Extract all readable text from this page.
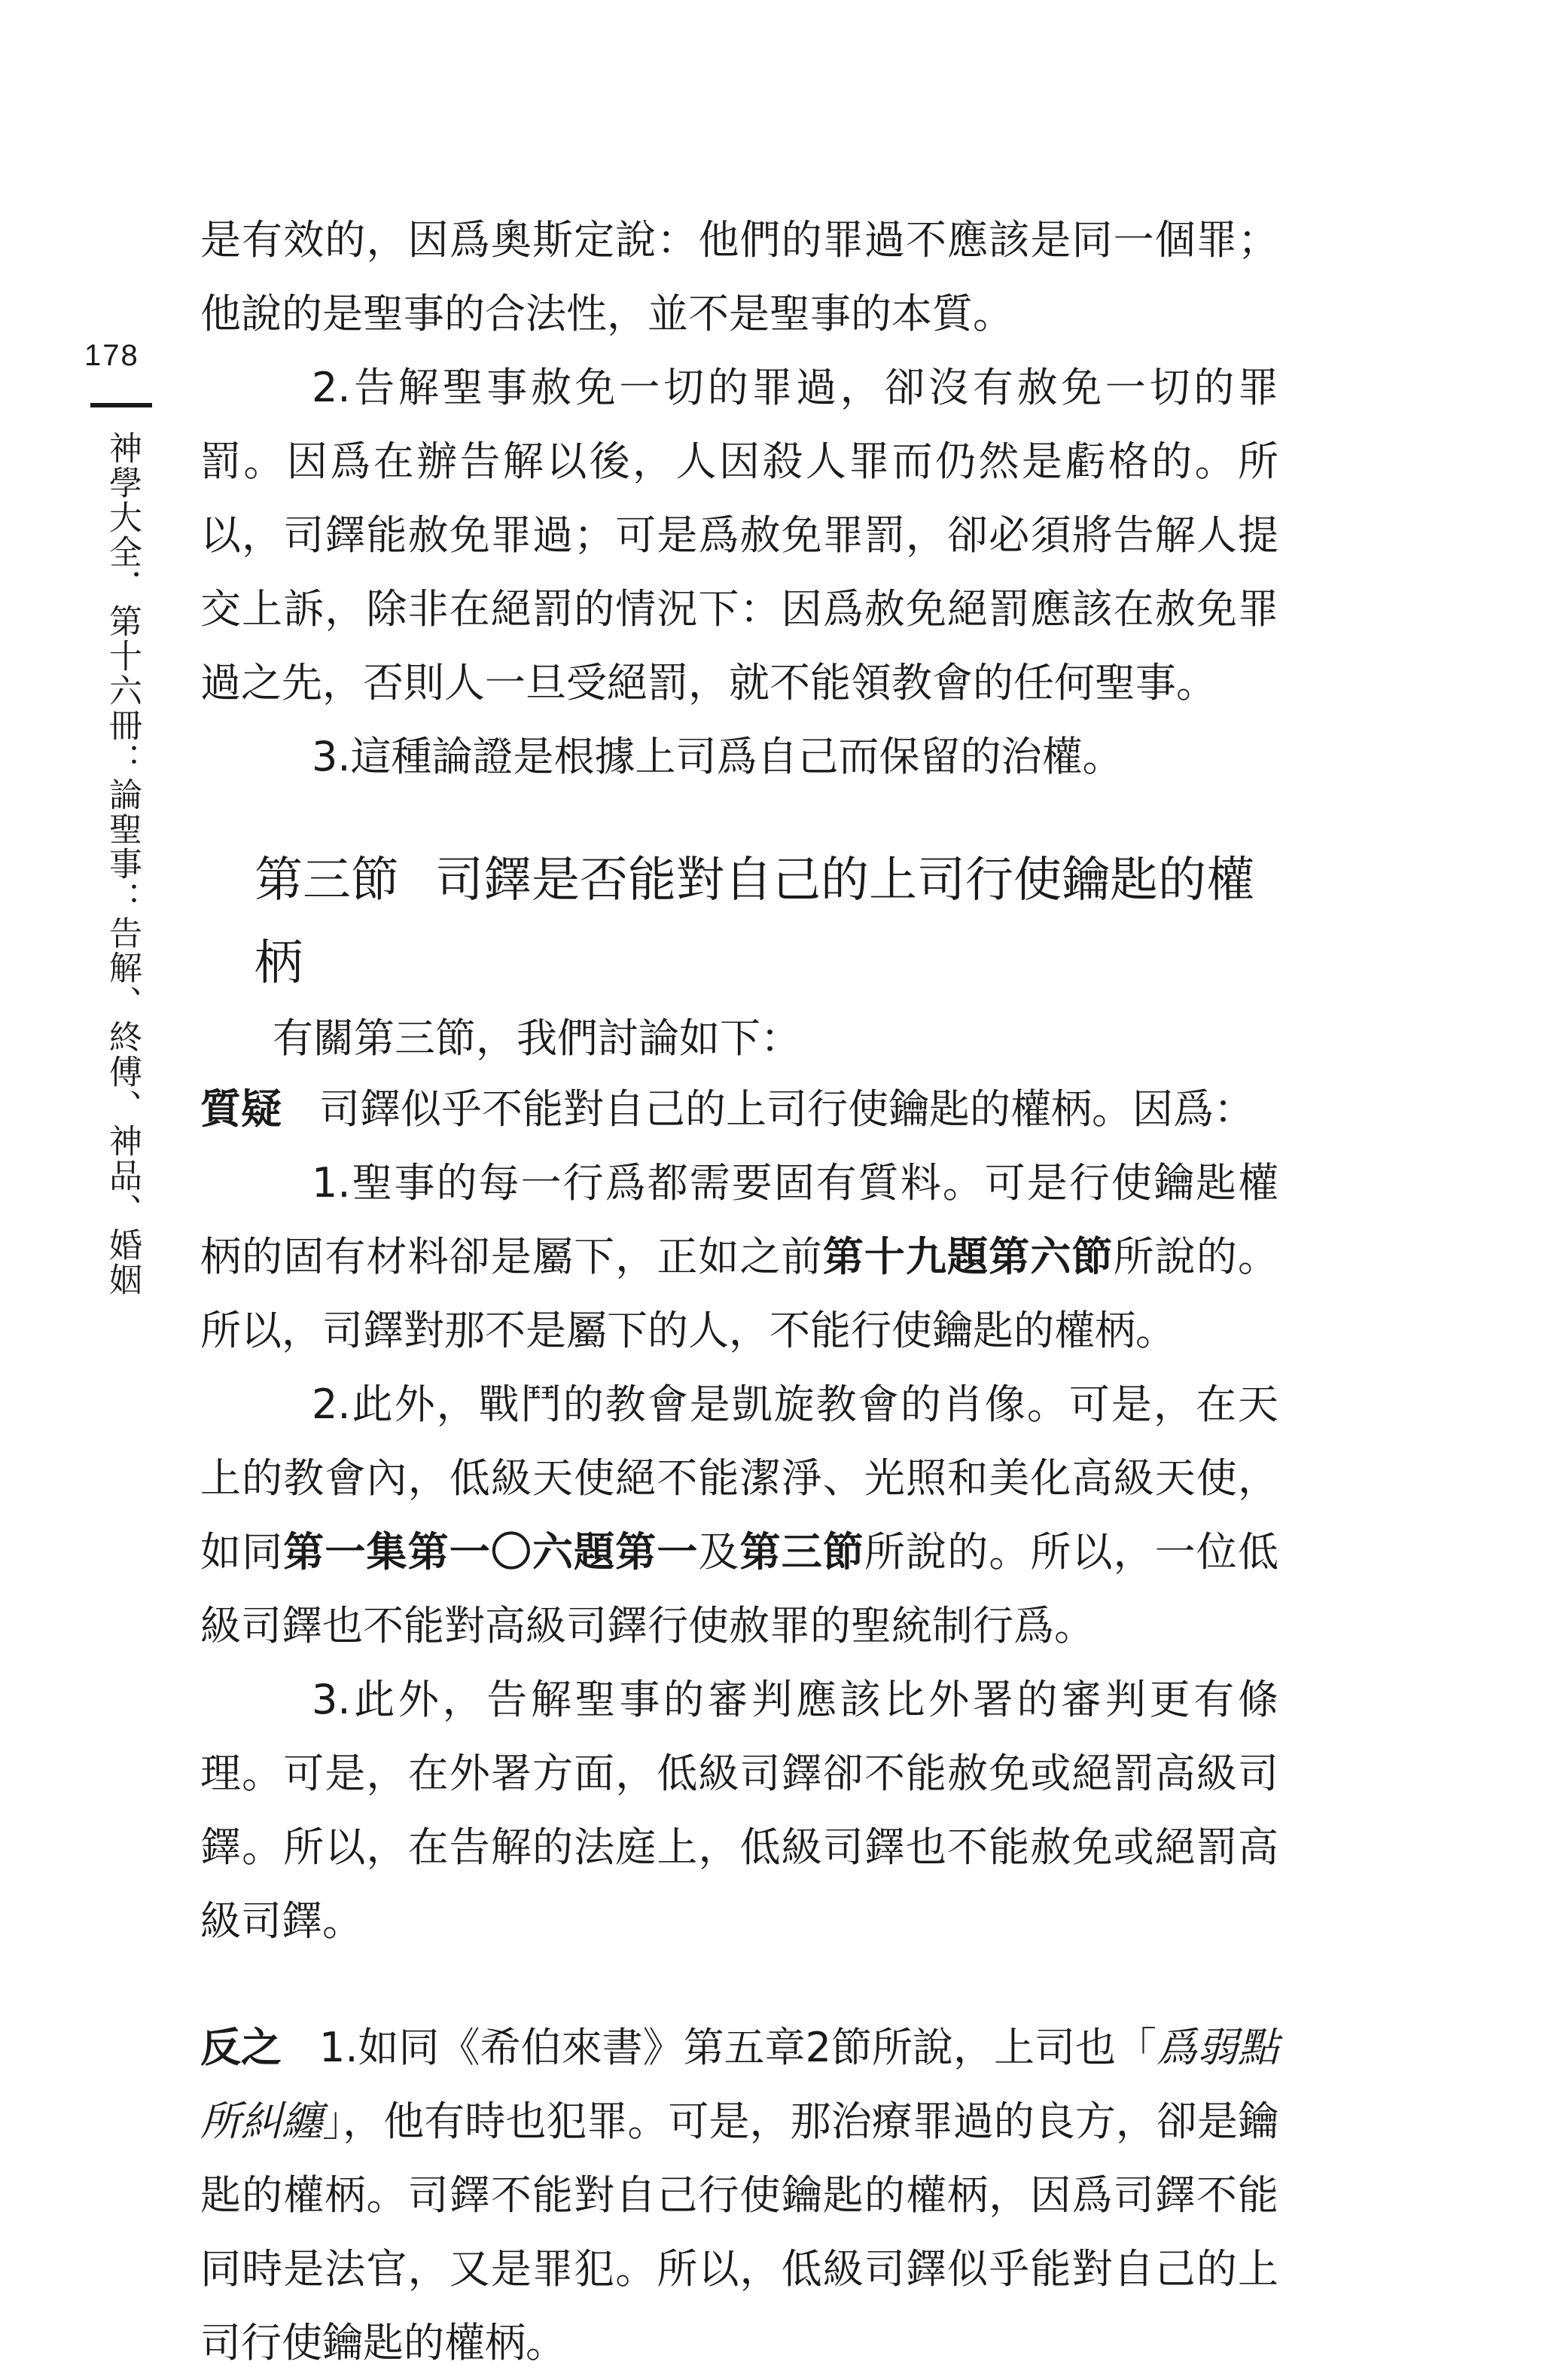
178
神學大全．第十六冊：論聖事：告解、終傅、神品、婚姻

是有效的，因爲奧斯定說：他們的罪過不應該是同一個罪；他說的是聖事的合法性，並不是聖事的本質。

2.告解聖事赦免一切的罪過，卻沒有赦免一切的罪罰。因爲在辦告解以後，人因殺人罪而仍然是虧格的。所以，司鐸能赦免罪過；可是爲赦免罪罰，卻必須將告解人提交上訴，除非在絕罰的情況下：因爲赦免絕罰應該在赦免罪過之先，否則人一旦受絕罰，就不能領教會的任何聖事。

3.這種論證是根據上司爲自己而保留的治權。

第三節 司鐸是否能對自己的上司行使鑰匙的權柄

有關第三節，我們討論如下：

質疑 司鐸似乎不能對自己的上司行使鑰匙的權柄。因爲：

1.聖事的每一行爲都需要固有質料。可是行使鑰匙權柄的固有材料卻是屬下，正如之前第十九題第六節所說的。所以，司鐸對那不是屬下的人，不能行使鑰匙的權柄。

2.此外，戰鬥的教會是凱旋教會的肖像。可是，在天上的教會內，低級天使絕不能潔淨、光照和美化高級天使，如同第一集第一〇六題第一及第三節所說的。所以，一位低級司鐸也不能對高級司鐸行使赦罪的聖統制行爲。

3.此外，告解聖事的審判應該比外署的審判更有條理。可是，在外署方面，低級司鐸卻不能赦免或絕罰高級司鐸。所以，在告解的法庭上，低級司鐸也不能赦免或絕罰高級司鐸。

反之 1.如同《希伯來書》第五章2節所說，上司也「爲弱點所糾纏」，他有時也犯罪。可是，那治療罪過的良方，卻是鑰匙的權柄。司鐸不能對自己行使鑰匙的權柄，因爲司鐸不能同時是法官，又是罪犯。所以，低級司鐸似乎能對自己的上司行使鑰匙的權柄。
